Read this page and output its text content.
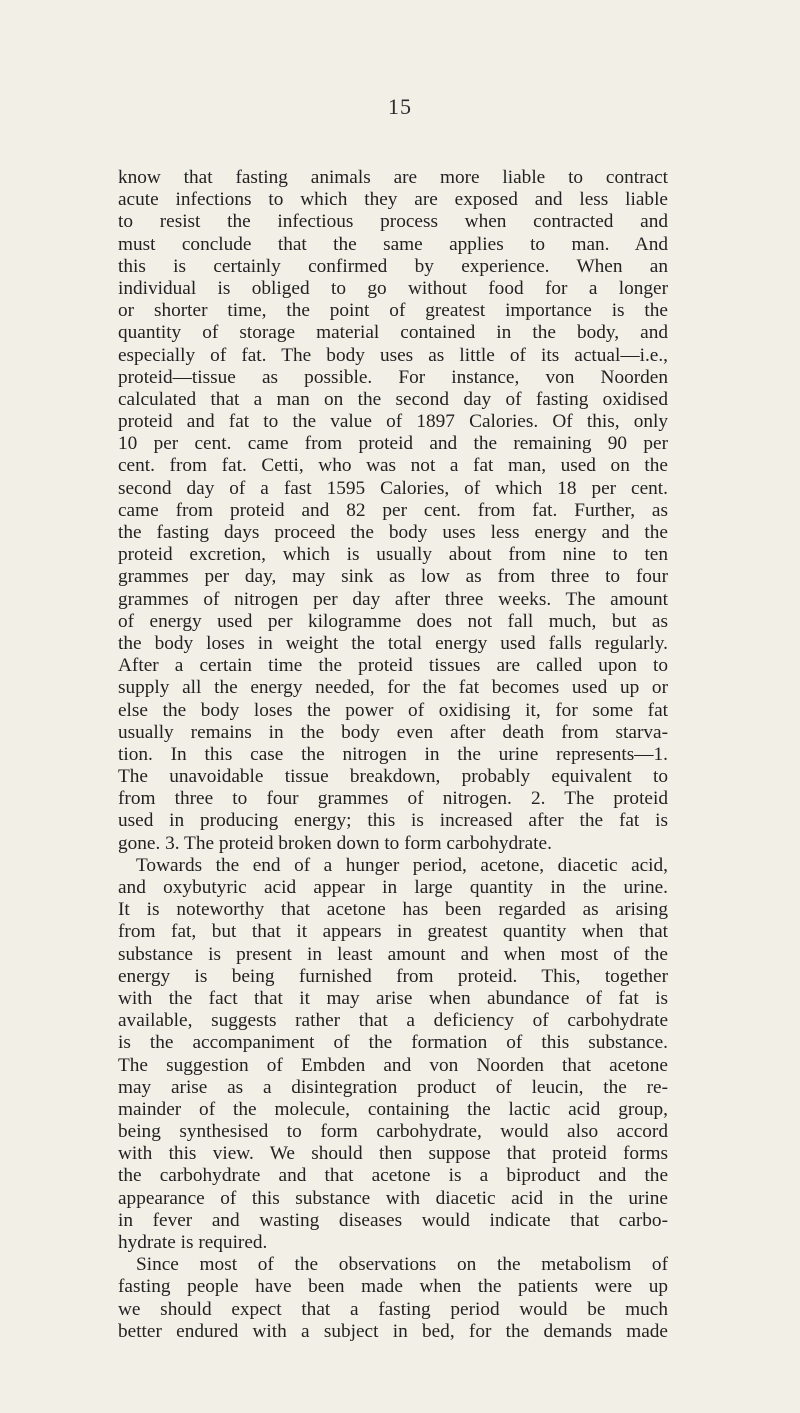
15
know that fasting animals are more liable to contract
acute infections to which they are exposed and less liable
to resist the infectious process when contracted and
must conclude that the same applies to man. And
this is certainly confirmed by experience. When an
individual is obliged to go without food for a longer
or shorter time, the point of greatest importance is the
quantity of storage material contained in the body, and
especially of fat. The body uses as little of its actual—i.e.,
proteid—tissue as possible. For instance, von Noorden
calculated that a man on the second day of fasting oxidised
proteid and fat to the value of 1897 Calories. Of this, only
10 per cent. came from proteid and the remaining 90 per
cent. from fat. Cetti, who was not a fat man, used on the
second day of a fast 1595 Calories, of which 18 per cent.
came from proteid and 82 per cent. from fat. Further, as
the fasting days proceed the body uses less energy and the
proteid excretion, which is usually about from nine to ten
grammes per day, may sink as low as from three to four
grammes of nitrogen per day after three weeks. The amount
of energy used per kilogramme does not fall much, but as
the body loses in weight the total energy used falls regularly.
After a certain time the proteid tissues are called upon to
supply all the energy needed, for the fat becomes used up or
else the body loses the power of oxidising it, for some fat
usually remains in the body even after death from starva-
tion. In this case the nitrogen in the urine represents—1.
The unavoidable tissue breakdown, probably equivalent to
from three to four grammes of nitrogen. 2. The proteid
used in producing energy; this is increased after the fat is
gone. 3. The proteid broken down to form carbohydrate.
Towards the end of a hunger period, acetone, diacetic acid,
and oxybutyric acid appear in large quantity in the urine.
It is noteworthy that acetone has been regarded as arising
from fat, but that it appears in greatest quantity when that
substance is present in least amount and when most of the
energy is being furnished from proteid. This, together
with the fact that it may arise when abundance of fat is
available, suggests rather that a deficiency of carbohydrate
is the accompaniment of the formation of this substance.
The suggestion of Embden and von Noorden that acetone
may arise as a disintegration product of leucin, the re-
mainder of the molecule, containing the lactic acid group,
being synthesised to form carbohydrate, would also accord
with this view. We should then suppose that proteid forms
the carbohydrate and that acetone is a biproduct and the
appearance of this substance with diacetic acid in the urine
in fever and wasting diseases would indicate that carbo-
hydrate is required.
Since most of the observations on the metabolism of
fasting people have been made when the patients were up
we should expect that a fasting period would be much
better endured with a subject in bed, for the demands made
